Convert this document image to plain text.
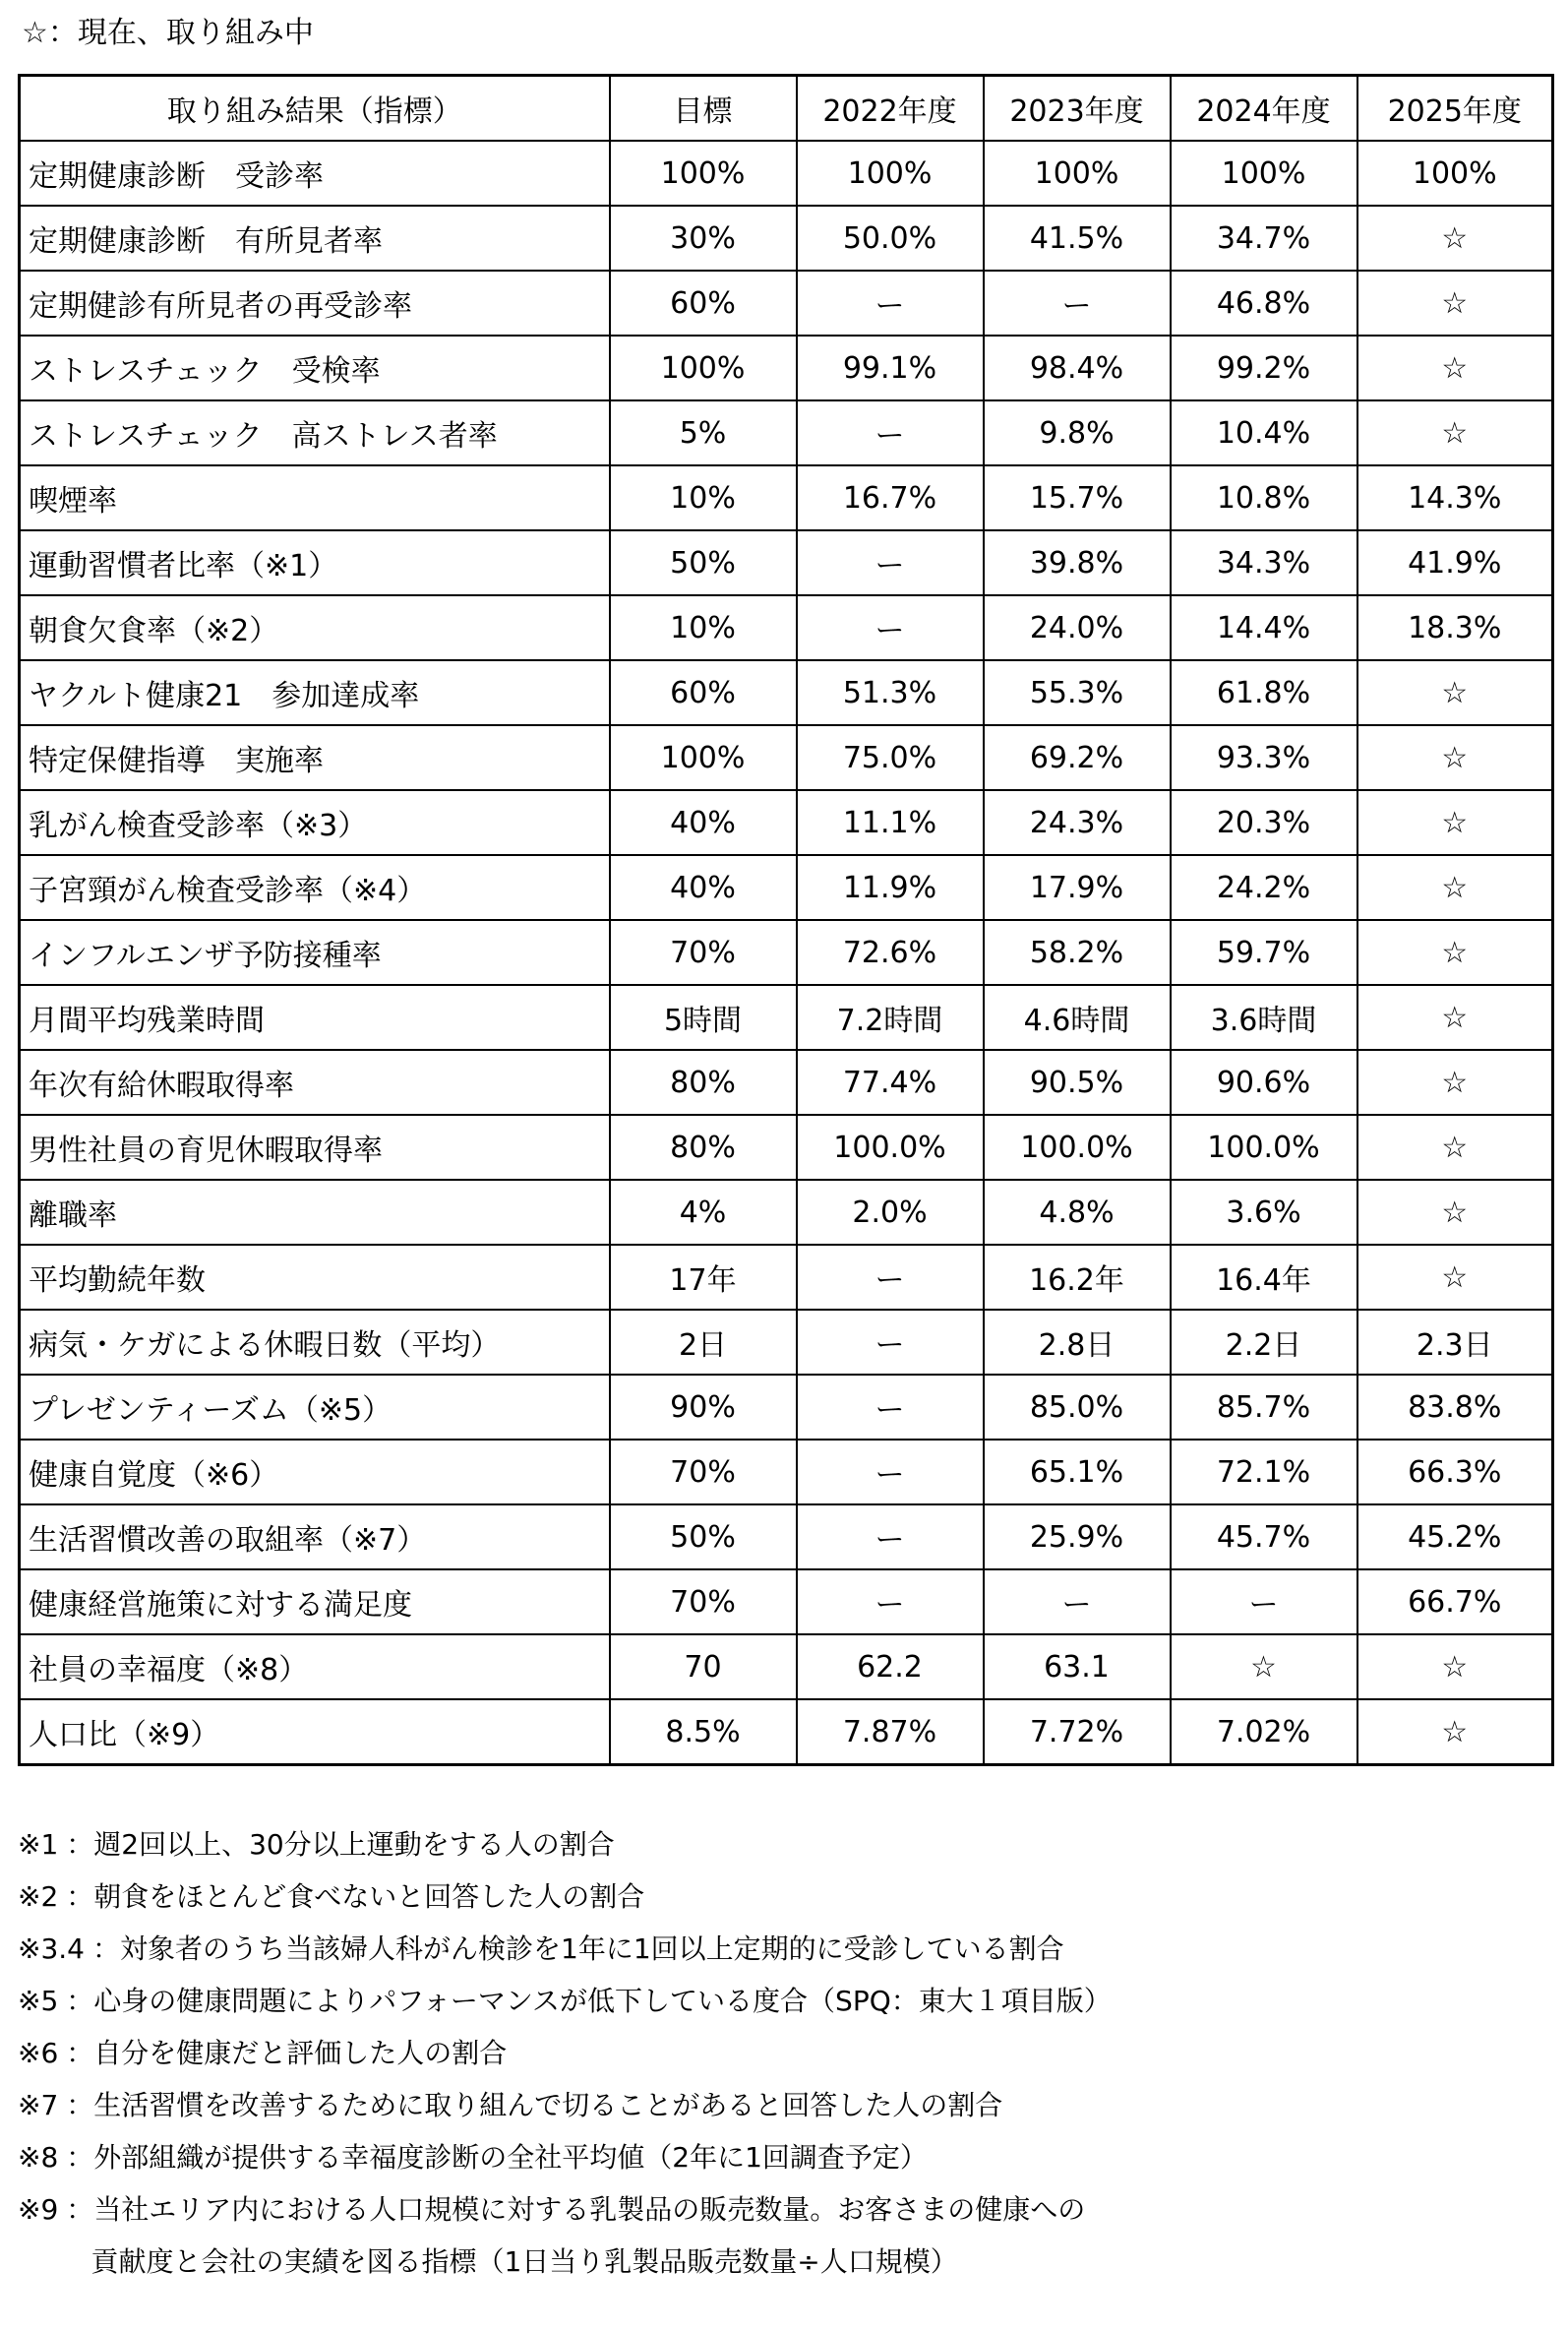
☆：現在、取り組み中
取り組み結果（指標）	目標	2022年度	2023年度	2024年度	2025年度
定期健康診断　受診率	100%	100%	100%	100%	100%
定期健康診断　有所見者率	30%	50.0%	41.5%	34.7%	☆
定期健診有所見者の再受診率	60%	ー	ー	46.8%	☆
ストレスチェック　受検率	100%	99.1%	98.4%	99.2%	☆
ストレスチェック　高ストレス者率	5%	ー	9.8%	10.4%	☆
喫煙率	10%	16.7%	15.7%	10.8%	14.3%
運動習慣者比率（※1）	50%	ー	39.8%	34.3%	41.9%
朝食欠食率（※2）	10%	ー	24.0%	14.4%	18.3%
ヤクルト健康21　参加達成率	60%	51.3%	55.3%	61.8%	☆
特定保健指導　実施率	100%	75.0%	69.2%	93.3%	☆
乳がん検査受診率（※3）	40%	11.1%	24.3%	20.3%	☆
子宮頸がん検査受診率（※4）	40%	11.9%	17.9%	24.2%	☆
インフルエンザ予防接種率	70%	72.6%	58.2%	59.7%	☆
月間平均残業時間	5時間	7.2時間	4.6時間	3.6時間	☆
年次有給休暇取得率	80%	77.4%	90.5%	90.6%	☆
男性社員の育児休暇取得率	80%	100.0%	100.0%	100.0%	☆
離職率	4%	2.0%	4.8%	3.6%	☆
平均勤続年数	17年	ー	16.2年	16.4年	☆
病気・ケガによる休暇日数（平均）	2日	ー	2.8日	2.2日	2.3日
プレゼンティーズム（※5）	90%	ー	85.0%	85.7%	83.8%
健康自覚度（※6）	70%	ー	65.1%	72.1%	66.3%
生活習慣改善の取組率（※7）	50%	ー	25.9%	45.7%	45.2%
健康経営施策に対する満足度	70%	ー	ー	ー	66.7%
社員の幸福度（※8）	70	62.2	63.1	☆	☆
人口比（※9）	8.5%	7.87%	7.72%	7.02%	☆
※1 ：週2回以上、30分以上運動をする人の割合
※2 ：朝食をほとんど食べないと回答した人の割合
※3.4 ：対象者のうち当該婦人科がん検診を1年に1回以上定期的に受診している割合
※5 ：心身の健康問題によりパフォーマンスが低下している度合（SPQ：東大１項目版）
※6 ：自分を健康だと評価した人の割合
※7 ：生活習慣を改善するために取り組んで切ることがあると回答した人の割合
※8 ：外部組織が提供する幸福度診断の全社平均値（2年に1回調査予定）
※9 ：当社エリア内における人口規模に対する乳製品の販売数量。お客さまの健康への
貢献度と会社の実績を図る指標（1日当り乳製品販売数量÷人口規模）
